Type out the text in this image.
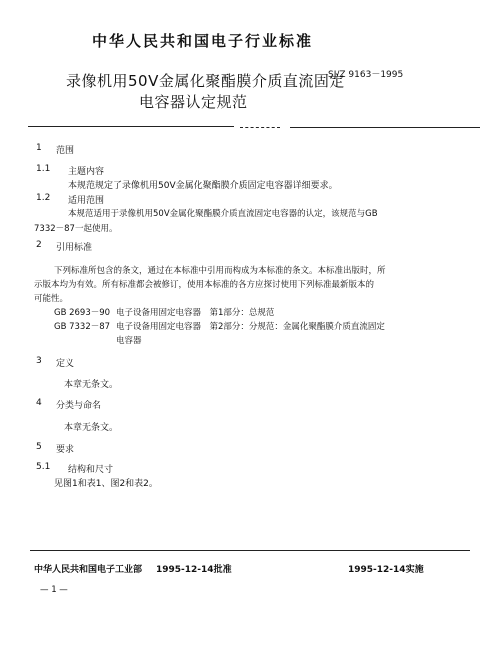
中华人民共和国电子行业标准
SJ/Z 9163－1995
录像机用50V金属化聚酯膜介质直流固定
电容器认定规范
1 范围
1.1 主题内容
本规范规定了录像机用50V金属化聚酯膜介质固定电容器详细要求。
1.2 适用范围
本规范适用于录像机用50V金属化聚酯膜介质直流固定电容器的认定，该规范与GB
7332－87一起使用。
2 引用标准
下列标准所包含的条文，通过在本标准中引用而构成为本标准的条文。本标准出版时，所
示版本均为有效。所有标准都会被修订，使用本标准的各方应探讨使用下列标准最新版本的
可能性。
GB 2693－90 电子设备用固定电容器　第1部分：总规范
GB 7332－87 电子设备用固定电容器　第2部分：分规范：金属化聚酯膜介质直流固定
电容器
3 定义
本章无条文。
4 分类与命名
本章无条文。
5 要求
5.1 结构和尺寸
见图1和表1、图2和表2。
中华人民共和国电子工业部 1995-12-14批准	1995-12-14实施
— 1 —
